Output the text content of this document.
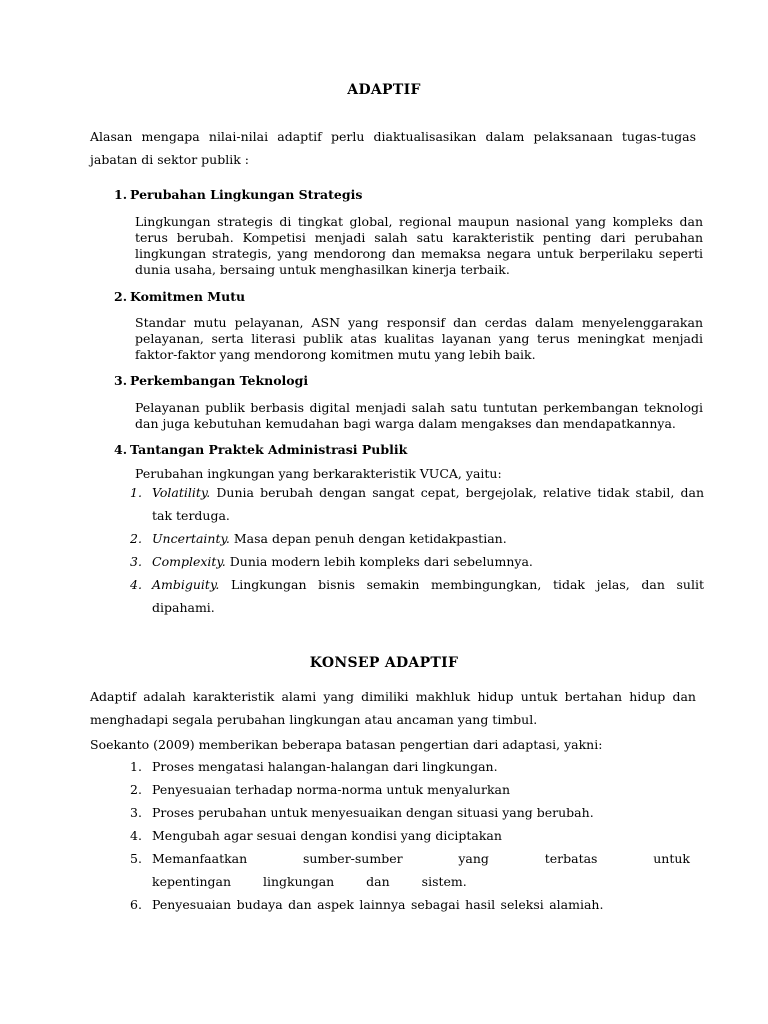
ADAPTIF
Alasan mengapa nilai-nilai adaptif perlu diaktualisasikan dalam pelaksanaan tugas-tugas jabatan di sektor publik :
1. Perubahan Lingkungan Strategis
Lingkungan strategis di tingkat global, regional maupun nasional yang kompleks dan terus berubah. Kompetisi menjadi salah satu karakteristik penting dari perubahan lingkungan strategis, yang mendorong dan memaksa negara untuk berperilaku seperti dunia usaha, bersaing untuk menghasilkan kinerja terbaik.
2. Komitmen Mutu
Standar mutu pelayanan, ASN yang responsif dan cerdas dalam menyelenggarakan pelayanan, serta literasi publik atas kualitas layanan yang terus meningkat menjadi faktor-faktor yang mendorong komitmen mutu yang lebih baik.
3. Perkembangan Teknologi
Pelayanan publik berbasis digital menjadi salah satu tuntutan perkembangan teknologi dan juga kebutuhan kemudahan bagi warga dalam mengakses dan mendapatkannya.
4. Tantangan Praktek Administrasi Publik
Perubahan ingkungan yang berkarakteristik VUCA, yaitu:
1. Volatility. Dunia berubah dengan sangat cepat, bergejolak, relative tidak stabil, dan tak terduga.
2. Uncertainty. Masa depan penuh dengan ketidakpastian.
3. Complexity. Dunia modern lebih kompleks dari sebelumnya.
4. Ambiguity. Lingkungan bisnis semakin membingungkan, tidak jelas, dan sulit dipahami.
KONSEP ADAPTIF
Adaptif adalah karakteristik alami yang dimiliki makhluk hidup untuk bertahan hidup dan menghadapi segala perubahan lingkungan atau ancaman yang timbul.
Soekanto (2009) memberikan beberapa batasan pengertian dari adaptasi, yakni:
1. Proses mengatasi halangan-halangan dari lingkungan.
2. Penyesuaian terhadap norma-norma untuk menyalurkan
3. Proses perubahan untuk menyesuaikan dengan situasi yang berubah.
4. Mengubah agar sesuai dengan kondisi yang diciptakan
5. Memanfaatkan sumber-sumber yang terbatas untuk kepentingan lingkungan dan sistem.
6. Penyesuaian budaya dan aspek lainnya sebagai hasil seleksi alamiah.
